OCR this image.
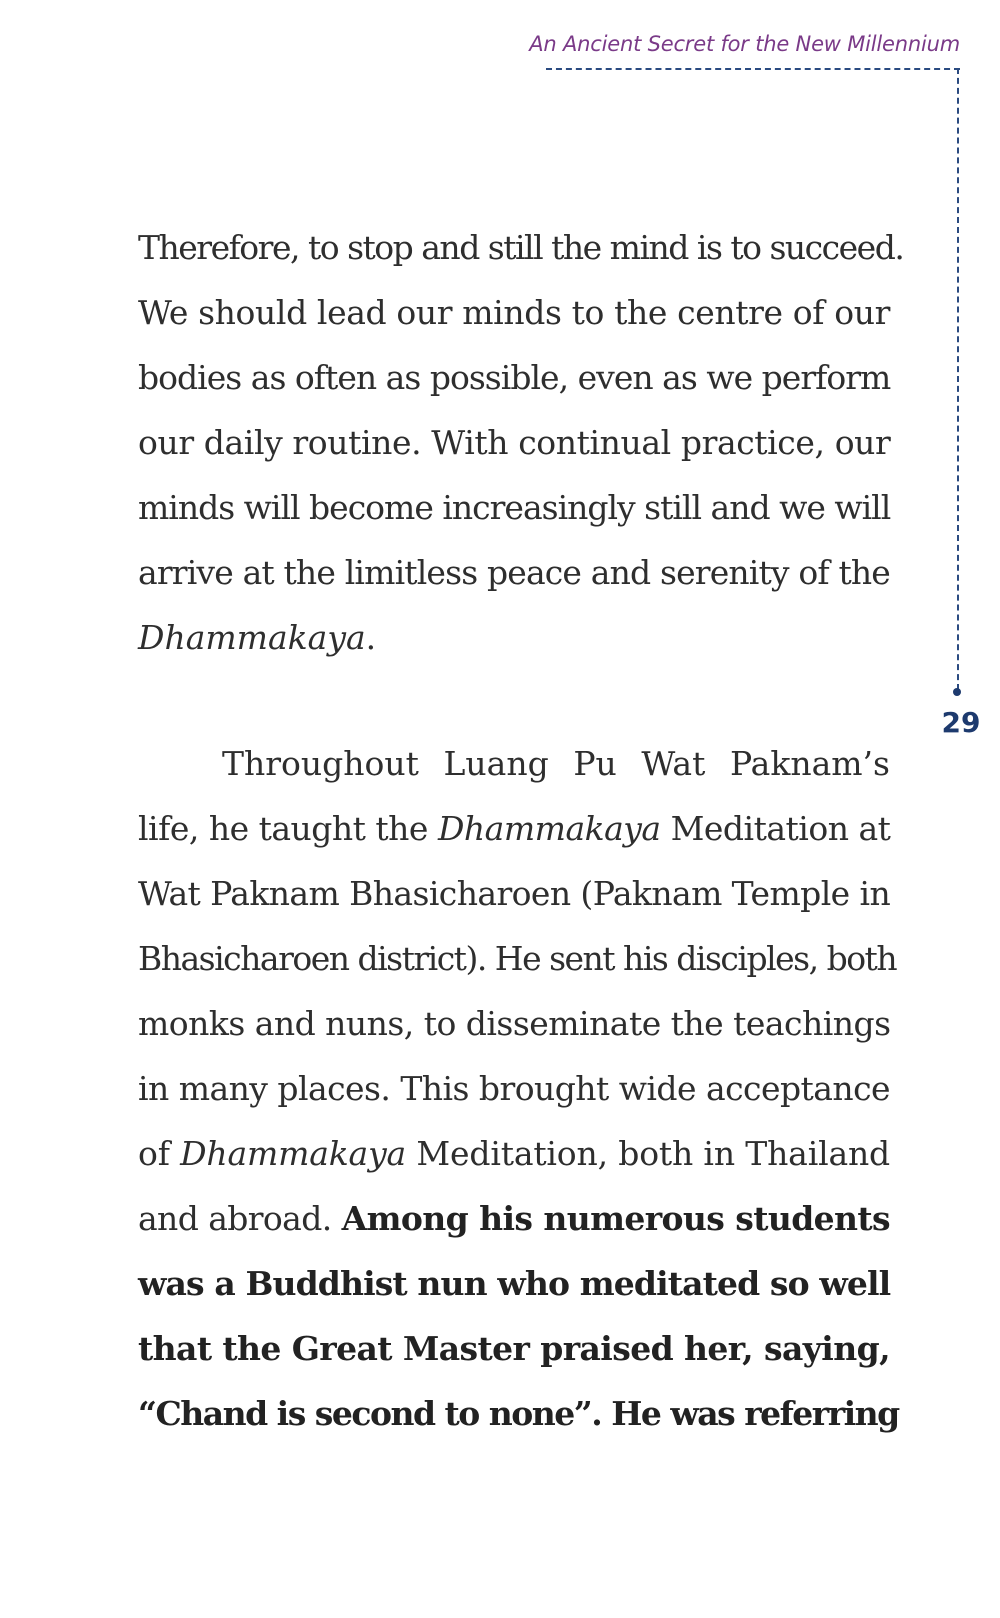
An Ancient Secret for the New Millennium
29
Therefore, to stop and still the mind is to succeed.
We should lead our minds to the centre of our
bodies as often as possible, even as we perform
our daily routine. With continual practice, our
minds will become increasingly still and we will
arrive at the limitless peace and serenity of the
Dhammakaya.
Throughout Luang Pu Wat Paknam’s
life, he taught the Dhammakaya Meditation at
Wat Paknam Bhasicharoen (Paknam Temple in
Bhasicharoen district). He sent his disciples, both
monks and nuns, to disseminate the teachings
in many places. This brought wide acceptance
of Dhammakaya Meditation, both in Thailand
and abroad. Among his numerous students
was a Buddhist nun who meditated so well
that the Great Master praised her, saying,
“Chand is second to none”. He was referring
